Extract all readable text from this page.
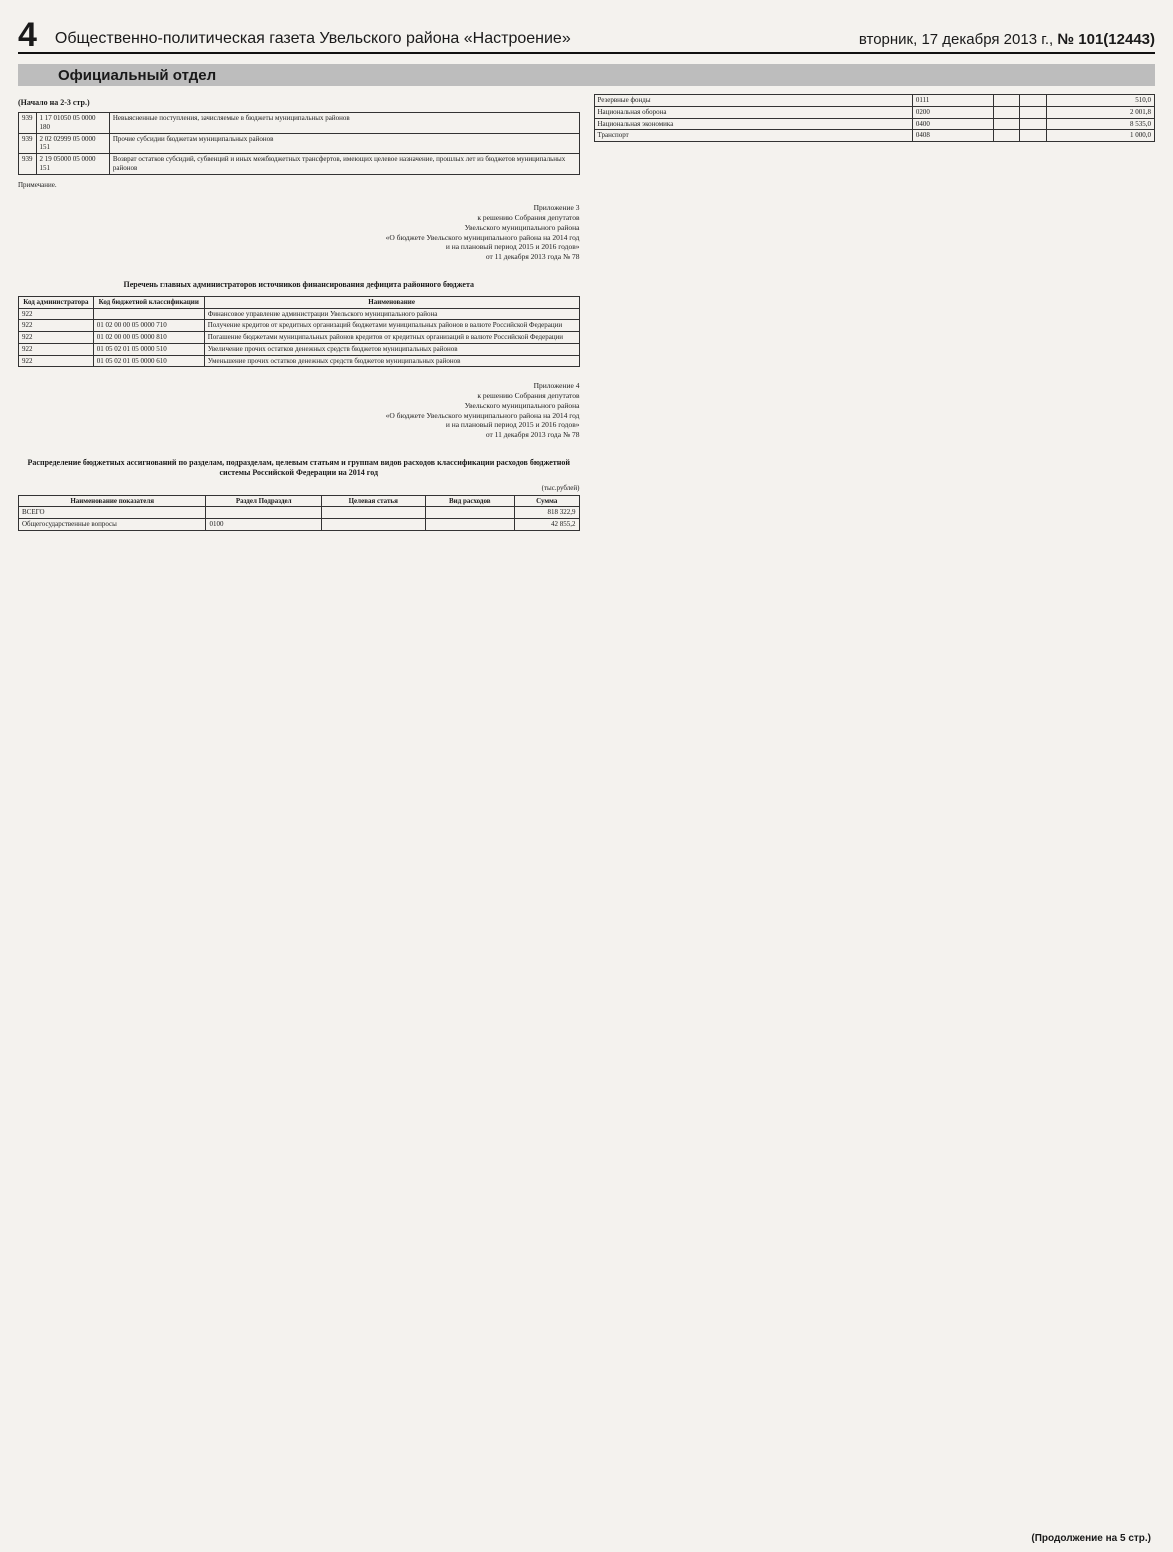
4 Общественно-политическая газета Увельского района «Настроение»	вторник, 17 декабря 2013 г., № 101(12443)
Официальный отдел
(Начало на 2-3 стр.)
939	1 17 01050 05 0000 180	Невыясненные поступления, зачисляемые в бюджеты муниципальных районов
939	2 02 02999 05 0000 151	Прочие субсидии бюджетам муниципальных районов
939	2 19 05000 05 0000 151	Возврат остатков субсидий, субвенций и иных межбюджетных трансфертов, имеющих целевое назначение, прошлых лет из бюджетов муниципальных районов
Примечание.
Приложение 3
к решению Собрания депутатов
Увельского муниципального района
«О бюджете Увельского муниципального района на 2014 год
и на плановый период 2015 и 2016 годов»
от 11 декабря 2013 года № 78
Перечень главных администраторов источников финансирования дефицита районного бюджета
Код администратора	Код бюджетной классификации	Наименование
922		Финансовое управление администрации Увельского муниципального района
922	01 02 00 00 05 0000 710	Получение кредитов от кредитных организаций бюджетами муниципальных районов в валюте Российской Федерации
922	01 02 00 00 05 0000 810	Погашение бюджетами муниципальных районов кредитов от кредитных организаций в валюте Российской Федерации
922	01 05 02 01 05 0000 510	Увеличение прочих остатков денежных средств бюджетов муниципальных районов
922	01 05 02 01 05 0000 610	Уменьшение прочих остатков денежных средств бюджетов муниципальных районов
Приложение 4
к решению Собрания депутатов
Увельского муниципального района
«О бюджете Увельского муниципального района на 2014 год
и на плановый период 2015 и 2016 годов»
от 11 декабря 2013 года № 78
Распределение бюджетных ассигнований по разделам, подразделам, целевым статьям и группам видов расходов классификации расходов бюджетной системы Российской Федерации на 2014 год
(тыс.рублей)
Наименование показателя	Раздел Подраздел	Целевая статья	Вид расходов	Сумма
ВСЕГО				818 322,9
Общегосударственные вопросы	0100			42 855,2
Резервные фонды	0111			510,0
Национальная оборона	0200			2 001,8
Национальная экономика	0400			8 535,0
Транспорт	0408			1 000,0
(Продолжение на 5 стр.)
